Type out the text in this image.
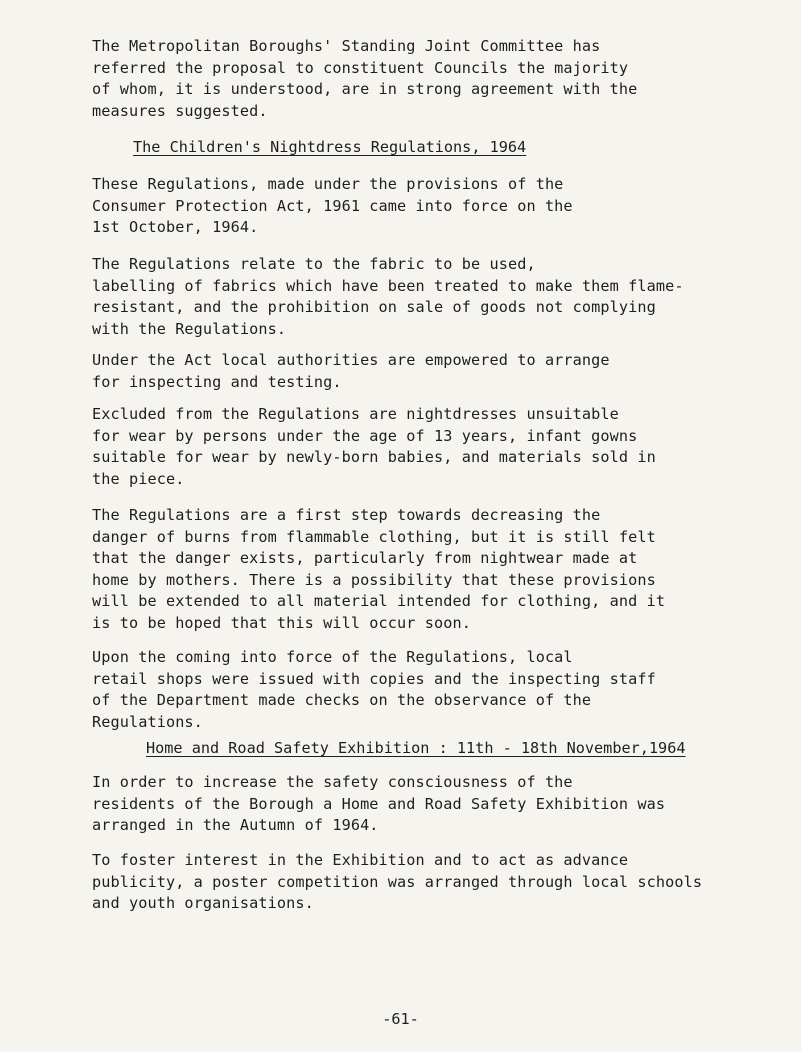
The Metropolitan Boroughs' Standing Joint Committee has
referred the proposal to constituent Councils the majority
of whom, it is understood, are in strong agreement with the
measures suggested.

The Children's Nightdress Regulations, 1964

These Regulations, made under the provisions of the
Consumer Protection Act, 1961 came into force on the
1st October, 1964.

The Regulations relate to the fabric to be used,
labelling of fabrics which have been treated to make them flame-
resistant, and the prohibition on sale of goods not complying
with the Regulations.

Under the Act local authorities are empowered to arrange
for inspecting and testing.

Excluded from the Regulations are nightdresses unsuitable
for wear by persons under the age of 13 years, infant gowns
suitable for wear by newly-born babies, and materials sold in
the piece.

The Regulations are a first step towards decreasing the
danger of burns from flammable clothing, but it is still felt
that the danger exists, particularly from nightwear made at
home by mothers. There is a possibility that these provisions
will be extended to all material intended for clothing, and it
is to be hoped that this will occur soon.

Upon the coming into force of the Regulations, local
retail shops were issued with copies and the inspecting staff
of the Department made checks on the observance of the
Regulations.

Home and Road Safety Exhibition : 11th - 18th November,1964

In order to increase the safety consciousness of the
residents of the Borough a Home and Road Safety Exhibition was
arranged in the Autumn of 1964.

To foster interest in the Exhibition and to act as advance
publicity, a poster competition was arranged through local schools
and youth organisations.

-61-
